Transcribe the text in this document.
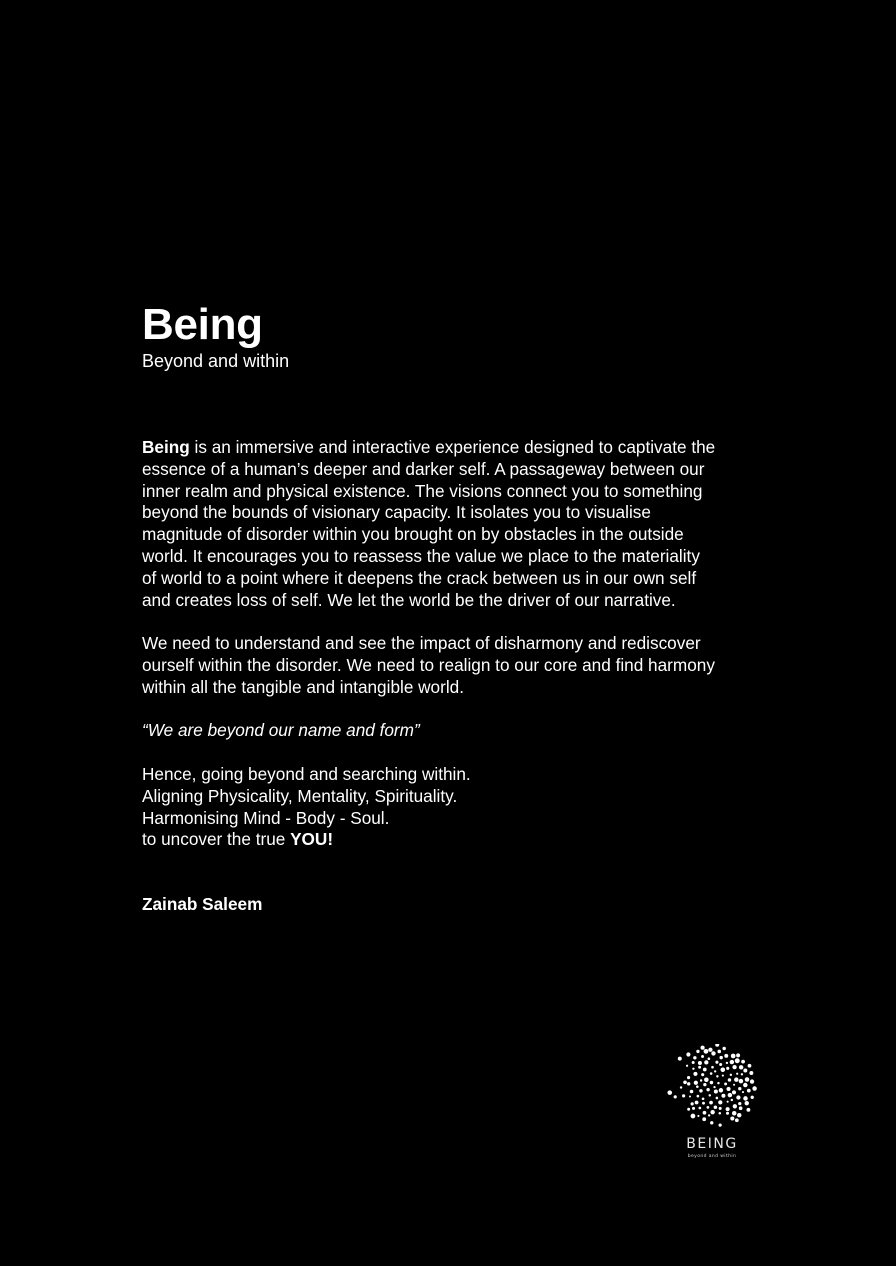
Being

Beyond and within

Being is an immersive and interactive experience designed to captivate the
essence of a human’s deeper and darker self. A passageway between our
inner realm and physical existence. The visions connect you to something
beyond the bounds of visionary capacity. It isolates you to visualise
magnitude of disorder within you brought on by obstacles in the outside
world. It encourages you to reassess the value we place to the materiality
of world to a point where it deepens the crack between us in our own self
and creates loss of self. We let the world be the driver of our narrative.
We need to understand and see the impact of disharmony and rediscover
ourself within the disorder. We need to realign to our core and find harmony
within all the tangible and intangible world.
“We are beyond our name and form”
Hence, going beyond and searching within.
Aligning Physicality, Mentality, Spirituality.
Harmonising Mind - Body - Soul.
to uncover the true YOU!

Zainab Saleem

BEING
beyond and within
